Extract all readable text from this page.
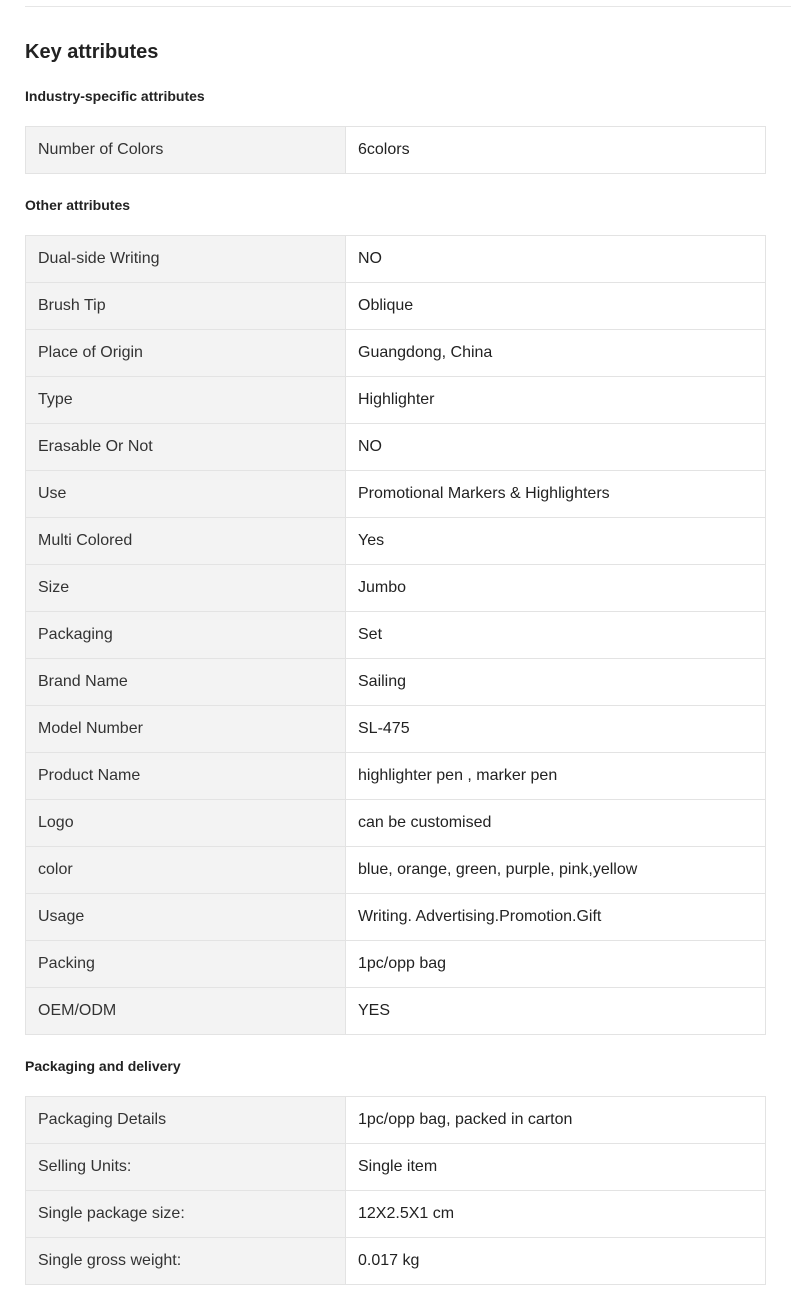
Key attributes
Industry-specific attributes
Number of Colors	6colors
Other attributes
Dual-side Writing	NO
Brush Tip	Oblique
Place of Origin	Guangdong, China
Type	Highlighter
Erasable Or Not	NO
Use	Promotional Markers & Highlighters
Multi Colored	Yes
Size	Jumbo
Packaging	Set
Brand Name	Sailing
Model Number	SL-475
Product Name	highlighter pen , marker pen
Logo	can be customised
color	blue, orange, green, purple, pink,yellow
Usage	Writing. Advertising.Promotion.Gift
Packing	1pc/opp bag
OEM/ODM	YES
Packaging and delivery
Packaging Details	1pc/opp bag, packed in carton
Selling Units:	Single item
Single package size:	12X2.5X1 cm
Single gross weight:	0.017 kg
